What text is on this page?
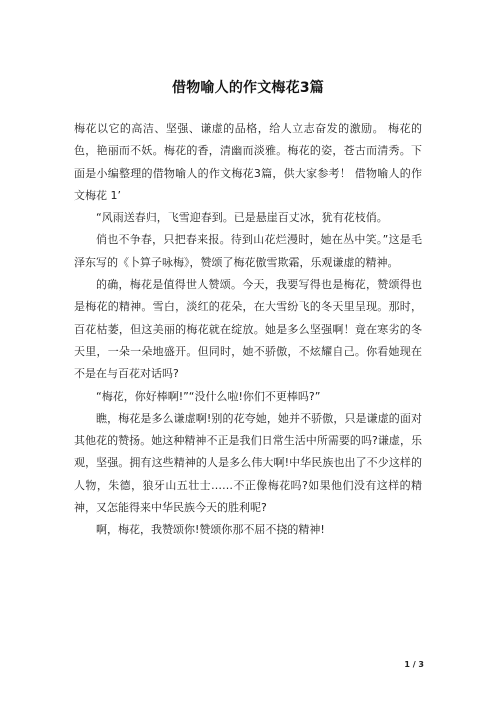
借物喻人的作文梅花3篇

梅花以它的高洁、坚强、谦虚的品格，给人立志奋发的激励。 梅花的色，艳丽而不妖。梅花的香，清幽而淡雅。梅花的姿，苍古而清秀。下面是小编整理的借物喻人的作文梅花3篇，供大家参考！ 借物喻人的作文梅花 1’

“风雨送春归，飞雪迎春到。已是悬崖百丈冰，犹有花枝俏。

俏也不争春，只把春来报。待到山花烂漫时，她在丛中笑。”这是毛泽东写的《卜算子咏梅》，赞颂了梅花傲雪欺霜，乐观谦虚的精神。

的确，梅花是值得世人赞颂。今天，我要写得也是梅花，赞颂得也是梅花的精神。雪白，淡红的花朵，在大雪纷飞的冬天里呈现。那时，百花枯萎，但这美丽的梅花就在绽放。她是多么坚强啊！竟在寒劣的冬天里，一朵一朵地盛开。但同时，她不骄傲，不炫耀自己。你看她现在不是在与百花对话吗?

“梅花，你好棒啊!”“没什么啦!你们不更棒吗?”

瞧，梅花是多么谦虚啊!别的花夸她，她并不骄傲，只是谦虚的面对其他花的赞扬。她这种精神不正是我们日常生活中所需要的吗?谦虚，乐观，坚强。拥有这些精神的人是多么伟大啊!中华民族也出了不少这样的人物，朱德，狼牙山五壮士……不正像梅花吗?如果他们没有这样的精神，又怎能得来中华民族今天的胜利呢?

啊，梅花，我赞颂你!赞颂你那不屈不挠的精神!

1 / 3
